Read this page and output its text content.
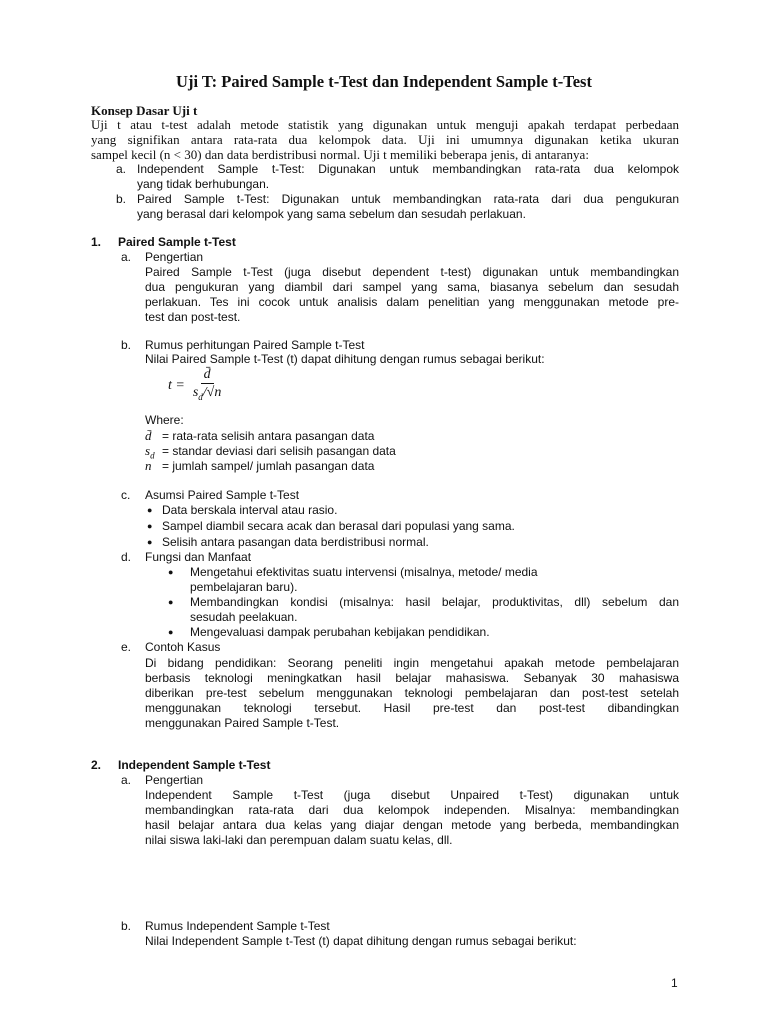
Uji T: Paired Sample t-Test dan Independent Sample t-Test
Konsep Dasar Uji t
Uji t atau t-test adalah metode statistik yang digunakan untuk menguji apakah terdapat perbedaan
yang signifikan antara rata-rata dua kelompok data. Uji ini umumnya digunakan ketika ukuran
sampel kecil (n < 30) dan data berdistribusi normal. Uji t memiliki beberapa jenis, di antaranya:
a. Independent Sample t-Test: Digunakan untuk membandingkan rata-rata dua kelompok
yang tidak berhubungan.
b. Paired Sample t-Test: Digunakan untuk membandingkan rata-rata dari dua pengukuran
yang berasal dari kelompok yang sama sebelum dan sesudah perlakuan.
1. Paired Sample t-Test
a. Pengertian
Paired Sample t-Test (juga disebut dependent t-test) digunakan untuk membandingkan
dua pengukuran yang diambil dari sampel yang sama, biasanya sebelum dan sesudah
perlakuan. Tes ini cocok untuk analisis dalam penelitian yang menggunakan metode pre-
test dan post-test.
b. Rumus perhitungan Paired Sample t-Test
Nilai Paired Sample t-Test (t) dapat dihitung dengan rumus sebagai berikut:
$t = \frac{d̄}{s_d/√n}$
Where:
d̄ = rata-rata selisih antara pasangan data
$s_d$ = standar deviasi dari selisih pasangan data
n = jumlah sampel/ jumlah pasangan data
c. Asumsi Paired Sample t-Test
● Data berskala interval atau rasio.
● Sampel diambil secara acak dan berasal dari populasi yang sama.
● Selisih antara pasangan data berdistribusi normal.
d. Fungsi dan Manfaat
● Mengetahui efektivitas suatu intervensi (misalnya, metode/ media
pembelajaran baru).
● Membandingkan kondisi (misalnya: hasil belajar, produktivitas, dll) sebelum dan
sesudah peelakuan.
● Mengevaluasi dampak perubahan kebijakan pendidikan.
e. Contoh Kasus
Di bidang pendidikan: Seorang peneliti ingin mengetahui apakah metode pembelajaran
berbasis teknologi meningkatkan hasil belajar mahasiswa. Sebanyak 30 mahasiswa
diberikan pre-test sebelum menggunakan teknologi pembelajaran dan post-test setelah
menggunakan teknologi tersebut. Hasil pre-test dan post-test dibandingkan
menggunakan Paired Sample t-Test.
2. Independent Sample t-Test
a. Pengertian
Independent Sample t-Test (juga disebut Unpaired t-Test) digunakan untuk
membandingkan rata-rata dari dua kelompok independen. Misalnya: membandingkan
hasil belajar antara dua kelas yang diajar dengan metode yang berbeda, membandingkan
nilai siswa laki-laki dan perempuan dalam suatu kelas, dll.
b. Rumus Independent Sample t-Test
Nilai Independent Sample t-Test (t) dapat dihitung dengan rumus sebagai berikut:
1
